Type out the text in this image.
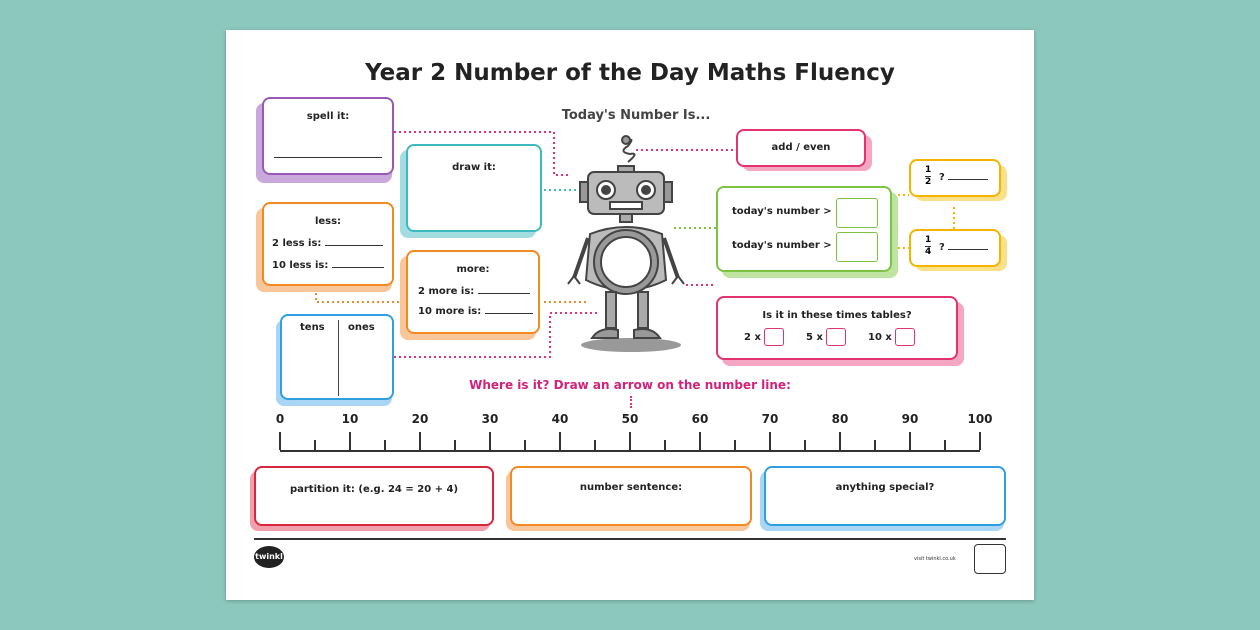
Year 2 Number of the Day Maths Fluency
Today's Number Is...
spell it:
draw it:
less:
2 less is:
10 less is:	more:
2 more is:
10 more is:
tens ones
add / even
today's number >
today's number >
1
2 ?
1
4 ?
Is it in these times tables?
2 x	5 x	10 x
Where is it? Draw an arrow on the number line:
0	10	20	30	40	50	60	70	80	90	100
partition it: (e.g. 24 = 20 + 4)	number sentence:	anything special?
twinkl	visit twinkl.co.uk
